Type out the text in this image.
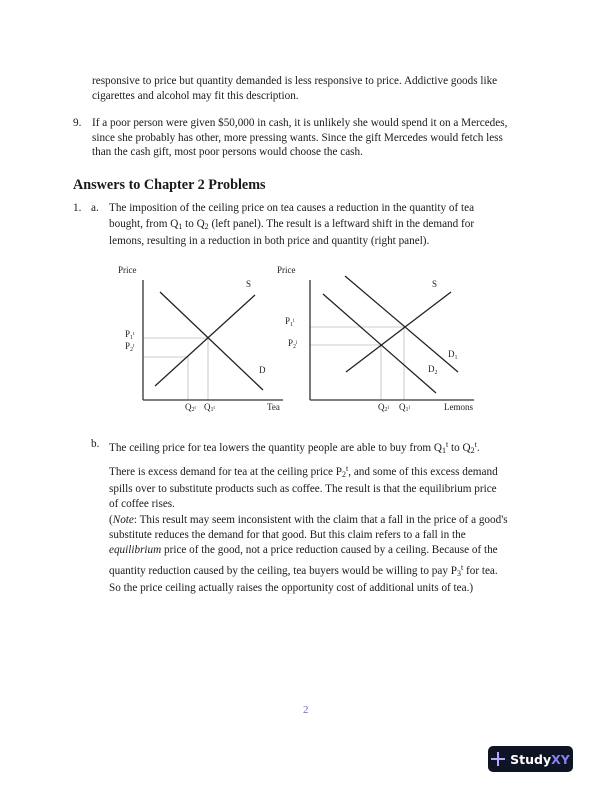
responsive to price but quantity demanded is less responsive to price. Addictive goods like
cigarettes and alcohol may fit this description.
9. If a poor person were given $50,000 in cash, it is unlikely she would spend it on a Mercedes,
since she probably has other, more pressing wants. Since the gift Mercedes would fetch less
than the cash gift, most poor persons would choose the cash.
Answers to Chapter 2 Problems
1. a. The imposition of the ceiling price on tea causes a reduction in the quantity of tea
bought, from $Q_1$ to $Q_2$ (left panel). The result is a leftward shift in the demand for
lemons, resulting in a reduction in both price and quantity (right panel).
Price
S
D
$P_1^t$
$P_2^t$
Q2$^t$ Q1$^t$	Tea
Price
S
$D_1$
$D_2$
$P_1^l$
$P_2^l$
Q2$^l$ Q1$^l$	Lemons
b. The ceiling price for tea lowers the quantity people are able to buy from $Q_1^t$ to $Q_2^t$.
There is excess demand for tea at the ceiling price $P_2^t$, and some of this excess demand
spills over to substitute products such as coffee. The result is that the equilibrium price
of coffee rises.
(Note: This result may seem inconsistent with the claim that a fall in the price of a good's
substitute reduces the demand for that good. But this claim refers to a fall in the
equilibrium price of the good, not a price reduction caused by a ceiling. Because of the
quantity reduction caused by the ceiling, tea buyers would be willing to pay $P_3^t$ for tea.
So the price ceiling actually raises the opportunity cost of additional units of tea.)
2
StudyXY
